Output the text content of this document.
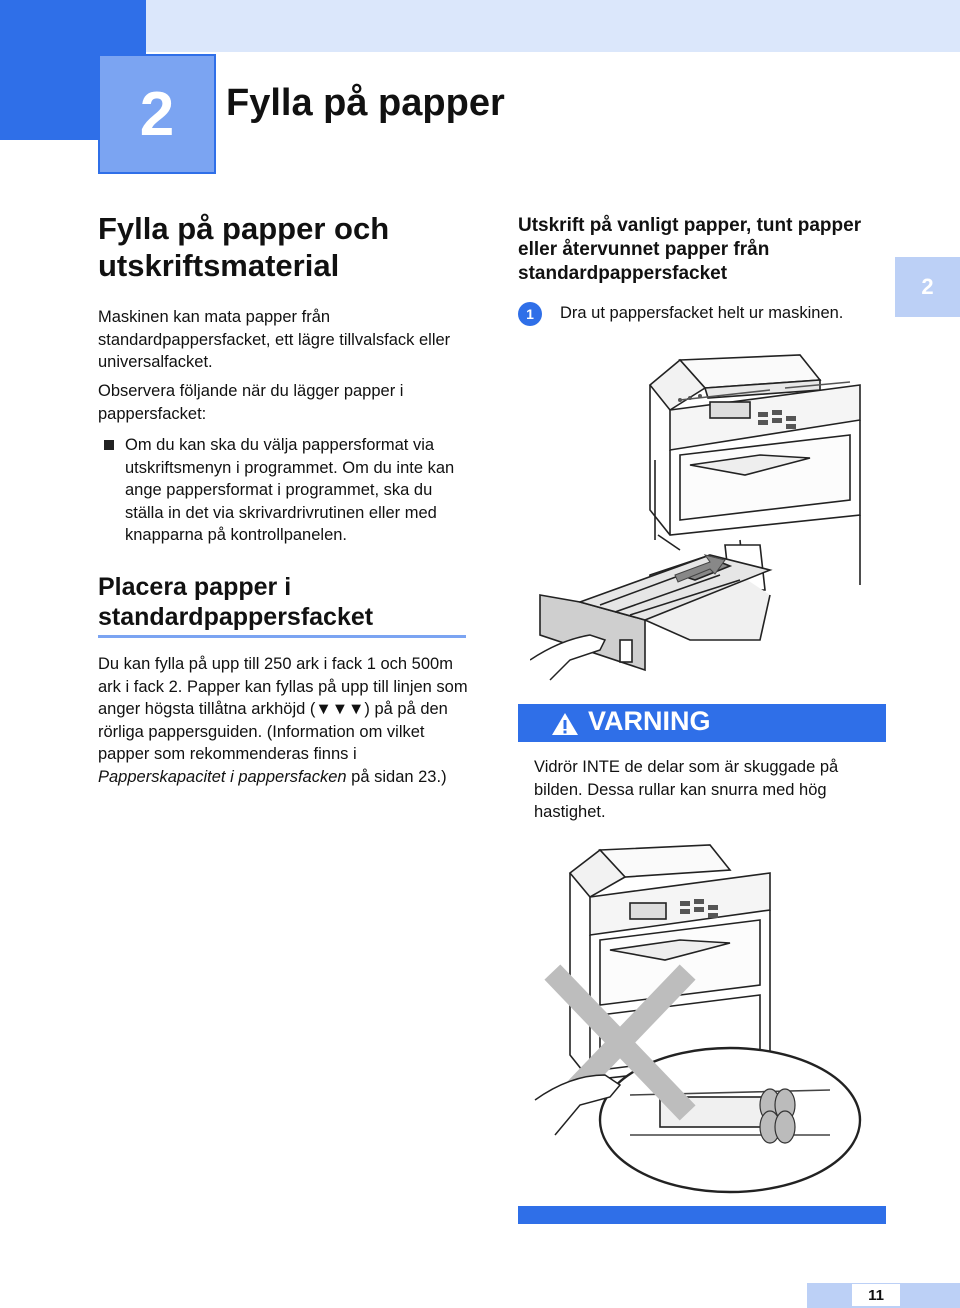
2	Fylla på papper
2
Fylla på papper och utskriftsmaterial

Maskinen kan mata papper från standardpappersfacket, ett lägre tillvalsfack eller universalfacket.

Observera följande när du lägger papper i pappersfacket:

Om du kan ska du välja pappersformat via utskriftsmenyn i programmet. Om du inte kan ange pappersformat i programmet, ska du ställa in det via skrivardrivrutinen eller med knapparna på kontrollpanelen.

Placera papper i standardpappersfacket

Du kan fylla på upp till 250 ark i fack 1 och 500m ark i fack 2. Papper kan fyllas på upp till linjen som anger högsta tillåtna arkhöjd (▼▼▼) på på den rörliga pappersguiden. (Information om vilket papper som rekommenderas finns i Papperskapacitet i pappersfacken på sidan 23.)

Utskrift på vanligt papper, tunt papper eller återvunnet papper från standardpappersfacket
1	Dra ut pappersfacket helt ur maskinen.
VARNING
Vidrör INTE de delar som är skuggade på bilden. Dessa rullar kan snurra med hög hastighet.
11
